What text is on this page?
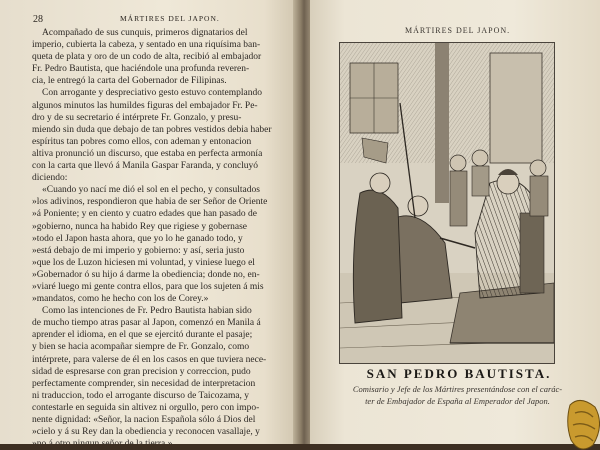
28	MÁRTIRES DEL JAPON.
Acompañado de sus cunquis, primeros dignatarios del
imperio, cubierta la cabeza, y sentado en una riquísima ban-
queta de plata y oro de un codo de alta, recibió al embajador
Fr. Pedro Bautista, que haciéndole una profunda reveren-
cia, le entregó la carta del Gobernador de Filipinas.
Con arrogante y despreciativo gesto estuvo contemplando
algunos minutos las humildes figuras del embajador Fr. Pe-
dro y de su secretario é intérprete Fr. Gonzalo, y presu-
miendo sin duda que debajo de tan pobres vestidos debia haber
espíritus tan pobres como ellos, con ademan y entonacion
altiva pronunció un discurso, que estaba en perfecta armonía
con la carta que llevó á Manila Gaspar Faranda, y concluyó
diciendo:
«Cuando yo nací me dió el sol en el pecho, y consultados
»los adivinos, respondieron que habia de ser Señor de Oriente
»á Poniente; y en ciento y cuatro edades que han pasado de
»gobierno, nunca ha habido Rey que rigiese y gobernase
»todo el Japon hasta ahora, que yo lo he ganado todo, y
»está debajo de mi imperio y gobierno: y así, seria justo
»que los de Luzon hiciesen mi voluntad, y viniese luego el
»Gobernador ó su hijo á darme la obediencia; donde no, en-
»viaré luego mi gente contra ellos, para que los sujeten á mis
»mandatos, como he hecho con los de Corey.»
Como las intenciones de Fr. Pedro Bautista habian sido
de mucho tiempo atras pasar al Japon, comenzó en Manila á
aprender el idioma, en el que se ejercitó durante el pasaje;
y bien se hacia acompañar siempre de Fr. Gonzalo, como
intérprete, para valerse de él en los casos en que tuviera nece-
sidad de espresarse con gran precision y correccion, pudo
perfectamente comprender, sin necesidad de interpretacion
ni traduccion, todo el arrogante discurso de Taicozama, y
contestarle en seguida sin altivez ni orgullo, pero con impo-
nente dignidad: «Señor, la nacion Española sólo á Dios del
»cielo y á su Rey dan la obediencia y reconocen vasallaje, y
MÁRTIRES DEL JAPON.
SAN PEDRO BAUTISTA.
Comisario y Jefe de los Mártires presentándose con el carác-
ter de Embajador de España al Emperador del Japon.
